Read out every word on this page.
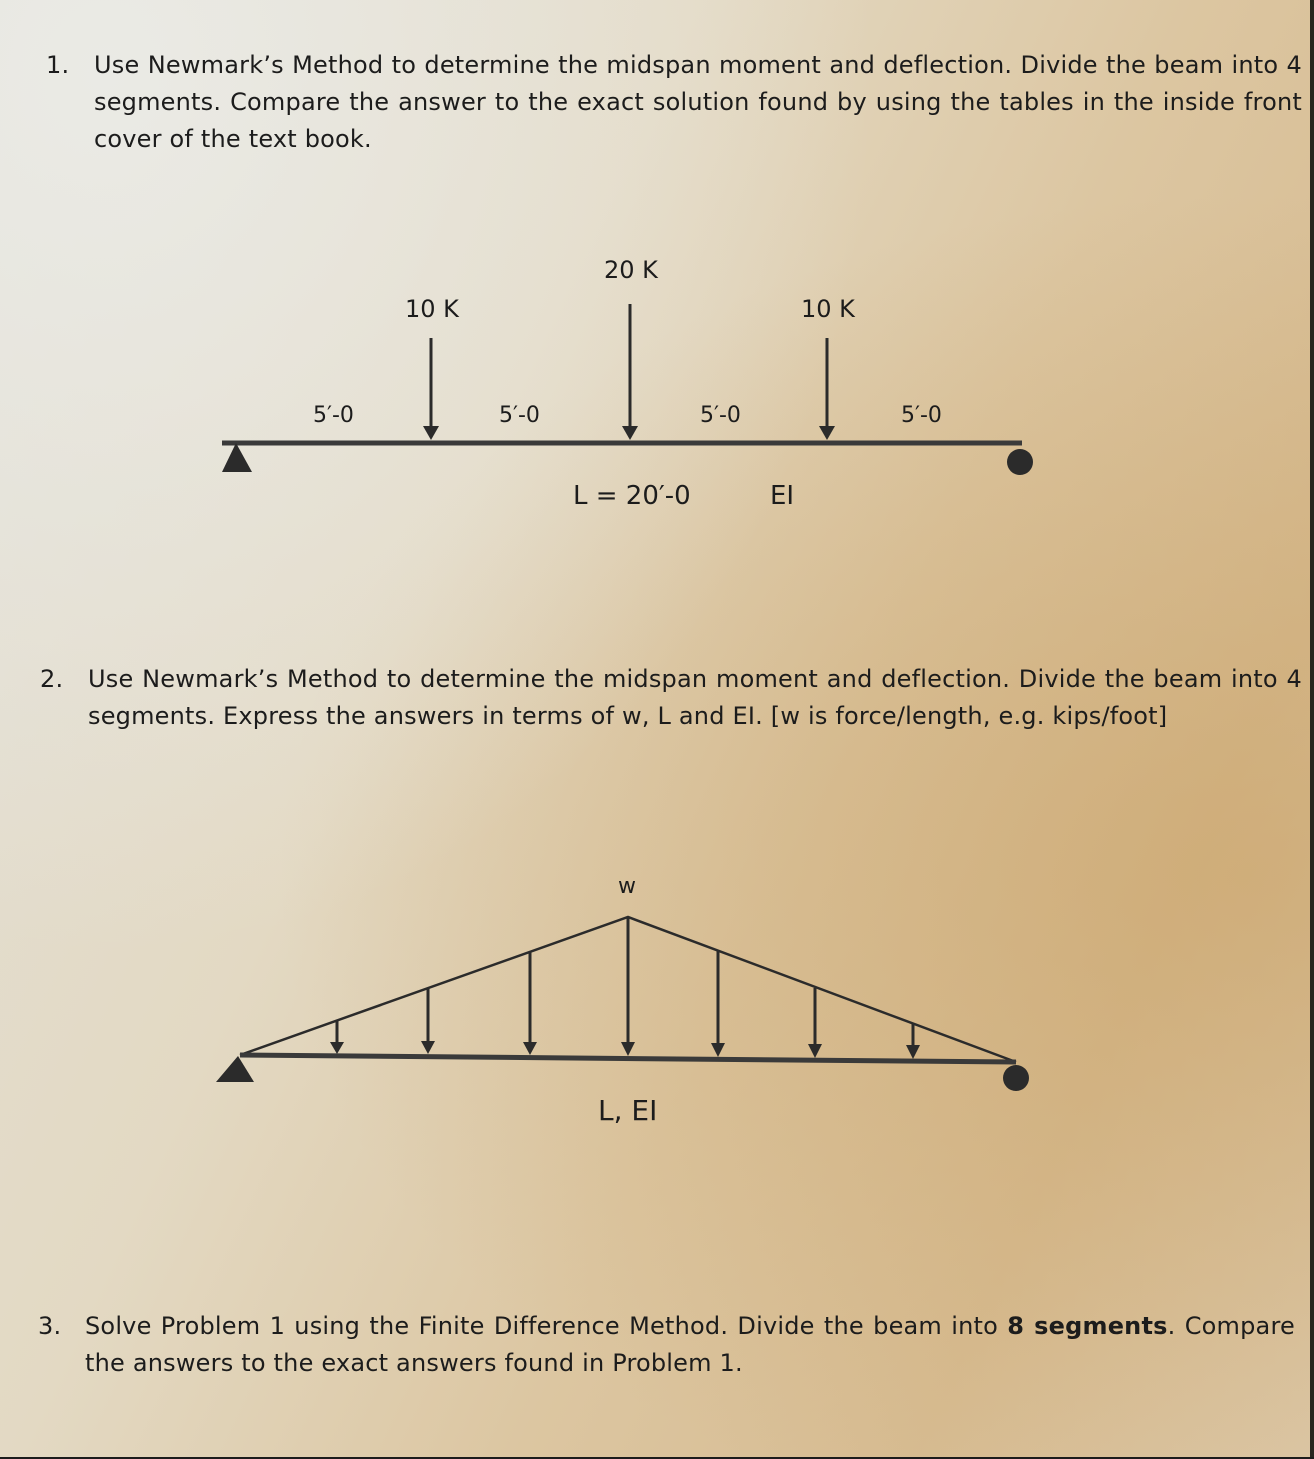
1. Use Newmark’s Method to determine the midspan moment and deflection. Divide the beam into 4 segments. Compare the answer to the exact solution found by using the tables in the inside front cover of the text book.

10 K
20 K
10 K
5′-0	5′-0	5′-0	5′-0
L = 20′-0	EI
2. Use Newmark’s Method to determine the midspan moment and deflection. Divide the beam into 4 segments. Express the answers in terms of w, L and EI. [w is force/length, e.g. kips/foot]

w
L, EI
3. Solve Problem 1 using the Finite Difference Method. Divide the beam into 8 segments. Compare the answers to the exact answers found in Problem 1.
